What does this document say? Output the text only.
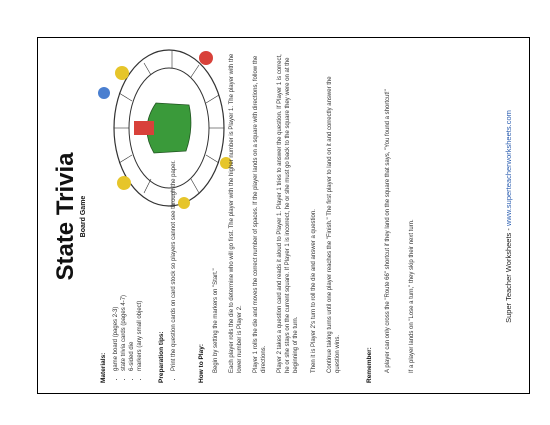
State Trivia Board Game
Materials: • game board (pages 2-3) • state trivia cards (pages 4-7) • 6-sided die • markers (any small object) Preparation tips: • Print the question cards on card stock so players cannot see through the paper.	How to Play: Begin by setting the markers on "Start." Each player rolls the die to determine who will go first. The player with the higher number is Player 1. The player with the lower number is Player 2. Player 1 rolls the die and moves the correct number of spaces. If the player lands on a square with directions, follow the directions. Player 2 takes a question card and reads it aloud to Player 1. Player 1 tries to answer the question. If Player 1 is correct, he or she stays on the current square. If Player 1 is incorrect, he or she must go back to the square they were on at the beginning of the turn. Then it is Player 2's turn to roll the die and answer a question. Continue taking turns until one player reaches the "Finish." The first player to land on it and correctly answer the question wins.	Remember: A player can only cross the "Route 66" shortcut if they land on the square that says, "You found a shortcut!"	If a player lands on "Lose a turn," they skip their next turn.	Super Teacher Worksheets - www.superteacherworksheets.com
